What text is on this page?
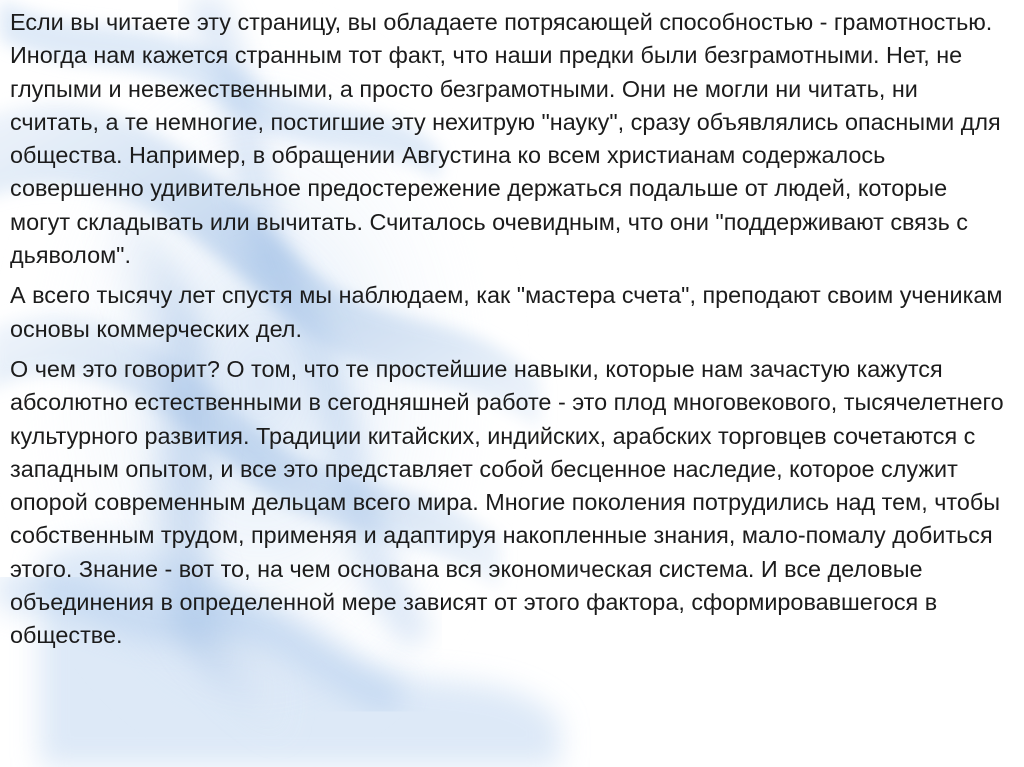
Если вы читаете эту страницу, вы обладаете потрясающей способностью - грамотностью. Иногда нам кажется странным тот факт, что наши предки были безграмотными. Нет, не глупыми и невежественными, а просто безграмотными. Они не могли ни читать, ни считать, а те немногие, постигшие эту нехитрую "науку", сразу объявлялись опасными для общества. Например, в обращении Августина ко всем христианам содержалось совершенно удивительное предостережение держаться подальше от людей, которые могут складывать или вычитать. Считалось очевидным, что они "поддерживают связь с дьяволом".

А всего тысячу лет спустя мы наблюдаем, как "мастера счета", преподают своим ученикам основы коммерческих дел.

О чем это говорит? О том, что те простейшие навыки, которые нам зачастую кажутся абсолютно естественными в сегодняшней работе - это плод многовекового, тысячелетнего культурного развития. Традиции китайских, индийских, арабских торговцев сочетаются с западным опытом, и все это представляет собой бесценное наследие, которое служит опорой современным дельцам всего мира. Многие поколения потрудились над тем, чтобы собственным трудом, применяя и адаптируя накопленные знания, мало-помалу добиться этого. Знание - вот то, на чем основана вся экономическая система. И все деловые объединения в определенной мере зависят от этого фактора, сформировавшегося в обществе.
